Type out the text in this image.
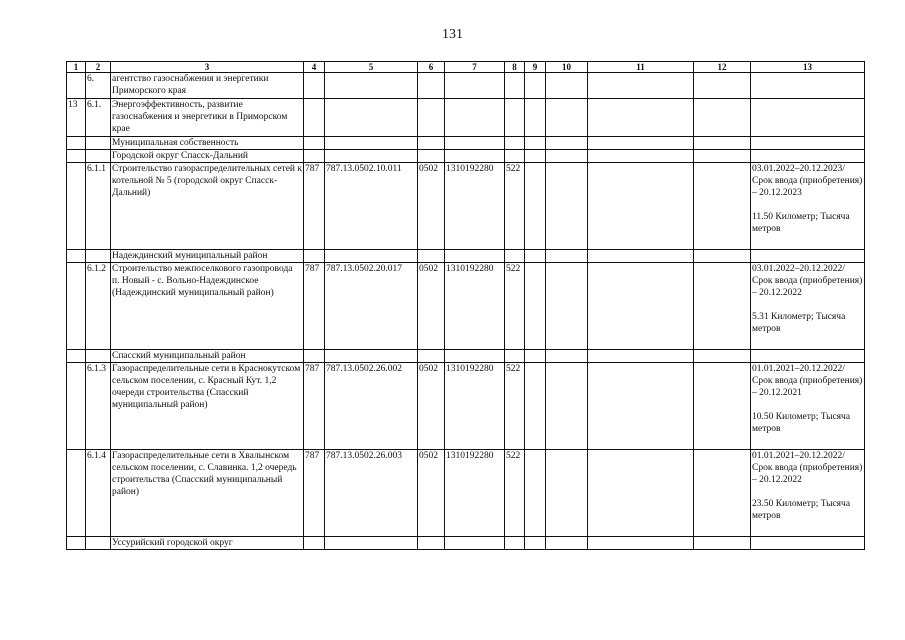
131
1	2	3	4	5	6	7	8	9	10	11	12	13
	6.	агентство газоснабжения и энергетики Приморского края										
13	6.1.	Энергоэффективность, развитие газоснабжения и энергетики в Приморском крае										
		Муниципальная собственность										
		Городской округ Спасск-Дальний										
	6.1.1	Строительство газораспределительных сетей к котельной № 5 (городской округ Спасск-Дальний)	787	787.13.0502.10.011	0502	1310192280	522					03.01.2022–20.12.2023/
Срок ввода (приобретения) – 20.12.2023

11.50 Километр; Тысяча метров
		Надеждинский муниципальный район										
	6.1.2	Строительство межпоселкового газопровода п. Новый - с. Вольно-Надеждинское (Надеждинский муниципальный район)	787	787.13.0502.20.017	0502	1310192280	522					03.01.2022–20.12.2022/
Срок ввода (приобретения) – 20.12.2022

5.31 Километр; Тысяча метров
		Спасский муниципальный район										
	6.1.3	Газораспределительные сети в Краснокутском сельском поселении, с. Красный Кут. 1,2 очереди строительства (Спасский муниципальный район)	787	787.13.0502.26.002	0502	1310192280	522					01.01.2021–20.12.2022/
Срок ввода (приобретения) – 20.12.2021

10.50 Километр; Тысяча метров
	6.1.4	Газораспределительные сети в Хвалынском сельском поселении, с. Славинка. 1,2 очередь строительства (Спасский муниципальный район)	787	787.13.0502.26.003	0502	1310192280	522					01.01.2021–20.12.2022/
Срок ввода (приобретения) – 20.12.2022

23.50 Километр; Тысяча метров
		Уссурийский городской округ										
